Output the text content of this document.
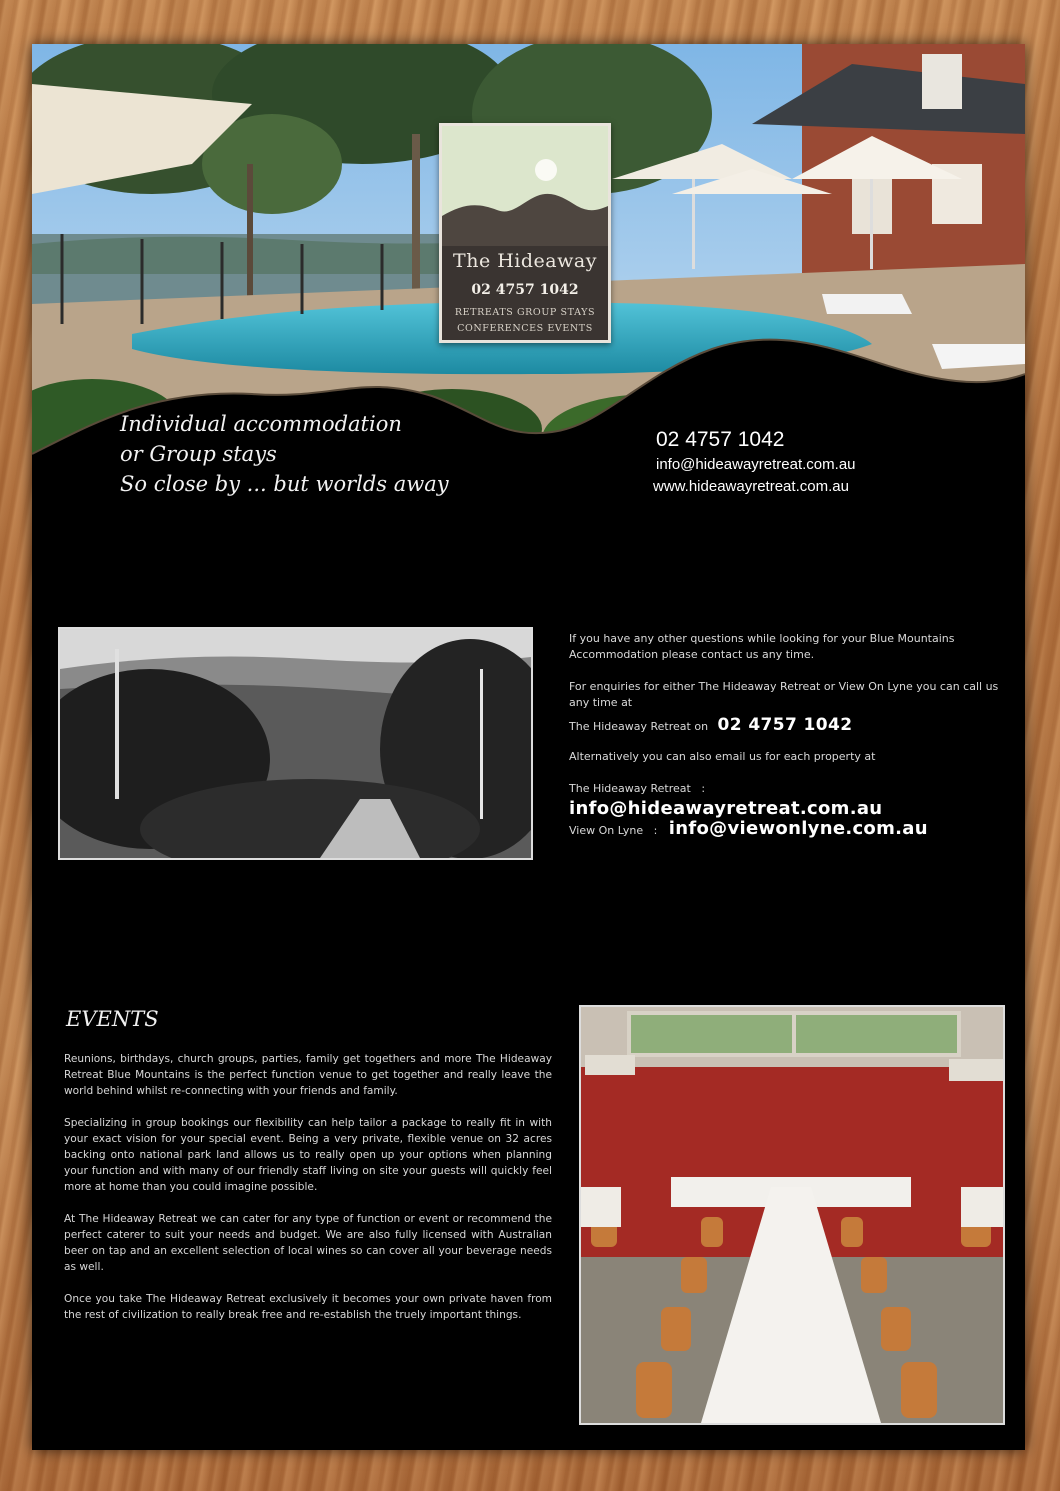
The Hideaway
02 4757 1042
RETREATS GROUP STAYS
CONFERENCES EVENTS
Individual accommodation
or Group stays
So close by ... but worlds away
02 4757 1042
info@hideawayretreat.com.au
www.hideawayretreat.com.au

If you have any other questions while looking for your Blue Mountains Accommodation please contact us any time.

For enquiries for either The Hideaway Retreat or View On Lyne you can call us any time at

The Hideaway Retreat on 02 4757 1042

Alternatively you can also email us for each property at

The Hideaway Retreat   :

info@hideawayretreat.com.au

View On Lyne   : info@viewonlyne.com.au

EVENTS

Reunions, birthdays, church groups, parties, family get togethers and more The Hideaway Retreat Blue Mountains is the perfect function venue to get together and really leave the world behind whilst re-connecting with your friends and family.

Specializing in group bookings our flexibility can help tailor a package to really fit in with your exact vision for your special event. Being a very private, flexible venue on 32 acres backing onto national park land allows us to really open up your options when planning your function and with many of our friendly staff living on site your guests will quickly feel more at home than you could imagine possible.

At The Hideaway Retreat we can cater for any type of function or event or recommend the perfect caterer to suit your needs and budget. We are also fully licensed with Australian beer on tap and an excellent selection of local wines so can cover all your beverage needs as well.

Once you take The Hideaway Retreat exclusively it becomes your own private haven from the rest of civilization to really break free and re-establish the truely important things.
